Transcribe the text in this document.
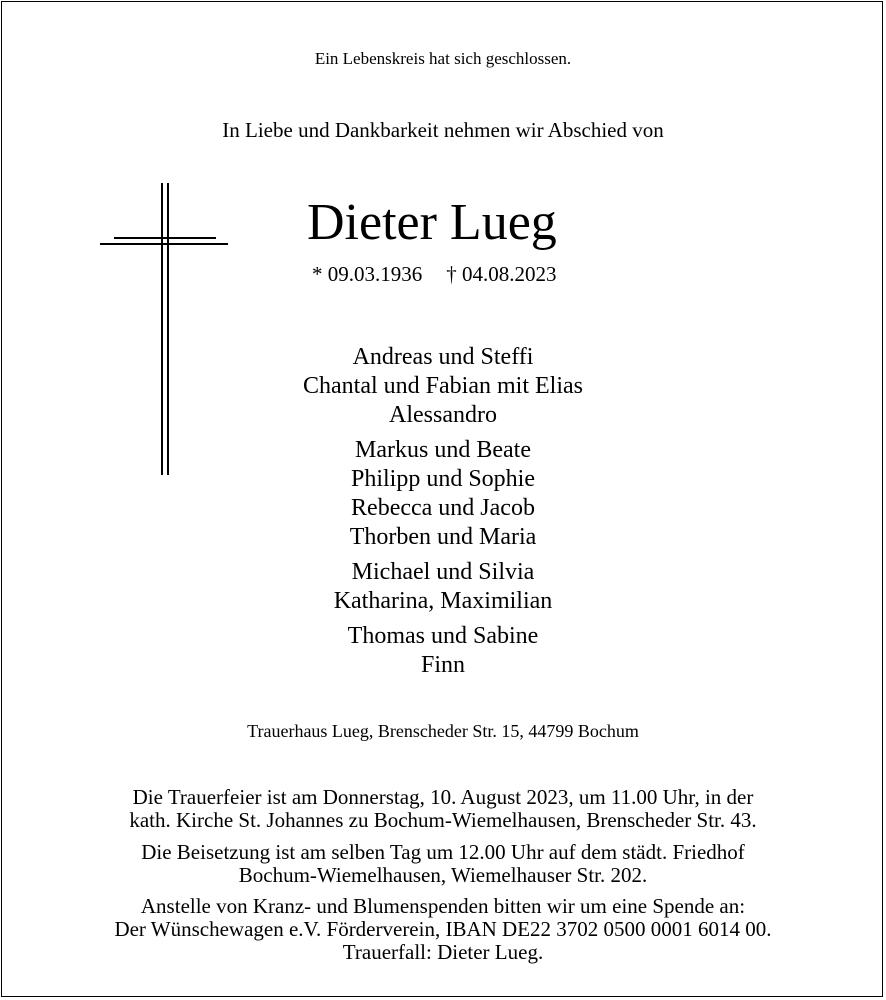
Ein Lebenskreis hat sich geschlossen.
In Liebe und Dankbarkeit nehmen wir Abschied von
Dieter Lueg
* 09.03.1936 † 04.08.2023
Andreas und Steffi
Chantal und Fabian mit Elias
Alessandro
Markus und Beate
Philipp und Sophie
Rebecca und Jacob
Thorben und Maria
Michael und Silvia
Katharina, Maximilian
Thomas und Sabine
Finn
Trauerhaus Lueg, Brenscheder Str. 15, 44799 Bochum
Die Trauerfeier ist am Donnerstag, 10. August 2023, um 11.00 Uhr, in der
kath. Kirche St. Johannes zu Bochum-Wiemelhausen, Brenscheder Str. 43.
Die Beisetzung ist am selben Tag um 12.00 Uhr auf dem städt. Friedhof
Bochum-Wiemelhausen, Wiemelhauser Str. 202.
Anstelle von Kranz- und Blumenspenden bitten wir um eine Spende an:
Der Wünschewagen e.V. Förderverein, IBAN DE22 3702 0500 0001 6014 00.
Trauerfall: Dieter Lueg.
